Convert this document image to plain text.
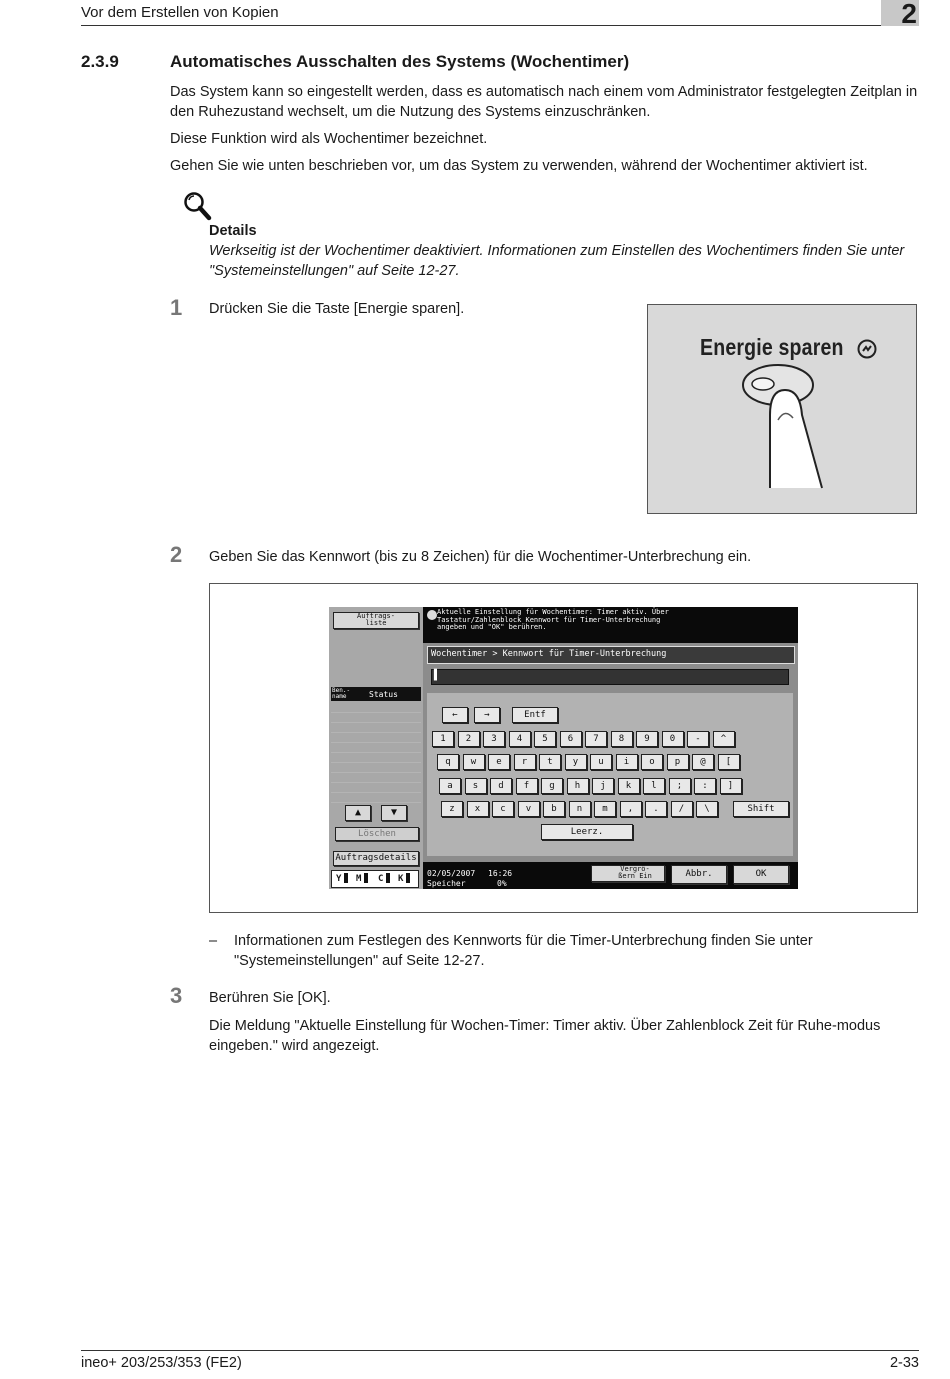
Vor dem Erstellen von Kopien	2
2.3.9	Automatisches Ausschalten des Systems (Wochentimer)
Das System kann so eingestellt werden, dass es automatisch nach einem vom Administrator festgelegten Zeitplan in den Ruhezustand wechselt, um die Nutzung des Systems einzuschränken.
Diese Funktion wird als Wochentimer bezeichnet.
Gehen Sie wie unten beschrieben vor, um das System zu verwenden, während der Wochentimer aktiviert ist.
Details
Werkseitig ist der Wochentimer deaktiviert. Informationen zum Einstellen des Wochentimers finden Sie unter "Systemeinstellungen" auf Seite 12-27.
1 Drücken Sie die Taste [Energie sparen].
Energie sparen
2 Geben Sie das Kennwort (bis zu 8 Zeichen) für die Wochentimer-Unterbrechung ein.
Auftrags-
liste
Ben.-
name	Status
▲	▼
Löschen
Auftragsdetails
Y M C K
Aktuelle Einstellung für Wochentimer: Timer aktiv. Über Tastatur/Zahlenblock Kennwort für Timer-Unterbrechung angeben und "OK" berühren.
Wochentimer > Kennwort für Timer-Unterbrechung
▌
←	→	Entf
1	2	3	4	5	6	7	8	9	0	-	^
q	w	e	r	t	y	u	i	o	p	@	[
a	s	d	f	g	h	j	k	l	;	:	]
z	x	c	v	b	n	m	,	.	/	\	Shift
Leerz.
02/05/2007 16:26
Speicher	0%
Vergrö-
ßern Ein	Abbr.	OK
– Informationen zum Festlegen des Kennworts für die Timer-Unterbrechung finden Sie unter "Systemeinstellungen" auf Seite 12-27.
3 Berühren Sie [OK].
Die Meldung "Aktuelle Einstellung für Wochen-Timer: Timer aktiv. Über Zahlenblock Zeit für Ruhe-modus eingeben." wird angezeigt.
ineo+ 203/253/353 (FE2)	2-33
